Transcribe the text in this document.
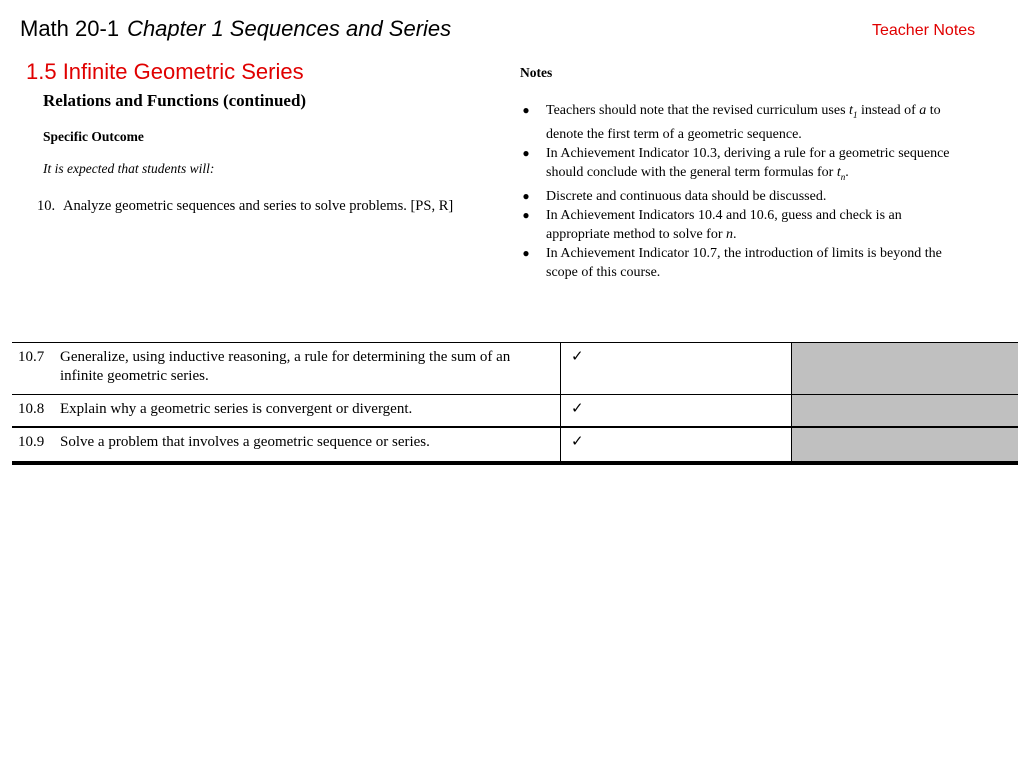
Math 20-1 Chapter 1 Sequences and Series	Teacher Notes
1.5 Infinite Geometric Series
Relations and Functions (continued)
Specific Outcome
It is expected that students will:
10. Analyze geometric sequences and series to solve problems. [PS, R]
Notes
● Teachers should note that the revised curriculum uses $t_1$ instead of a to denote the first term of a geometric sequence.
● In Achievement Indicator 10.3, deriving a rule for a geometric sequence should conclude with the general term formulas for $t_n$.
● Discrete and continuous data should be discussed.
● In Achievement Indicators 10.4 and 10.6, guess and check is an appropriate method to solve for n.
● In Achievement Indicator 10.7, the introduction of limits is beyond the scope of this course.
10.7 Generalize, using inductive reasoning, a rule for determining the sum of an infinite geometric series.	✓	

10.8 Explain why a geometric series is convergent or divergent.	✓	

10.9 Solve a problem that involves a geometric sequence or series.	✓	
